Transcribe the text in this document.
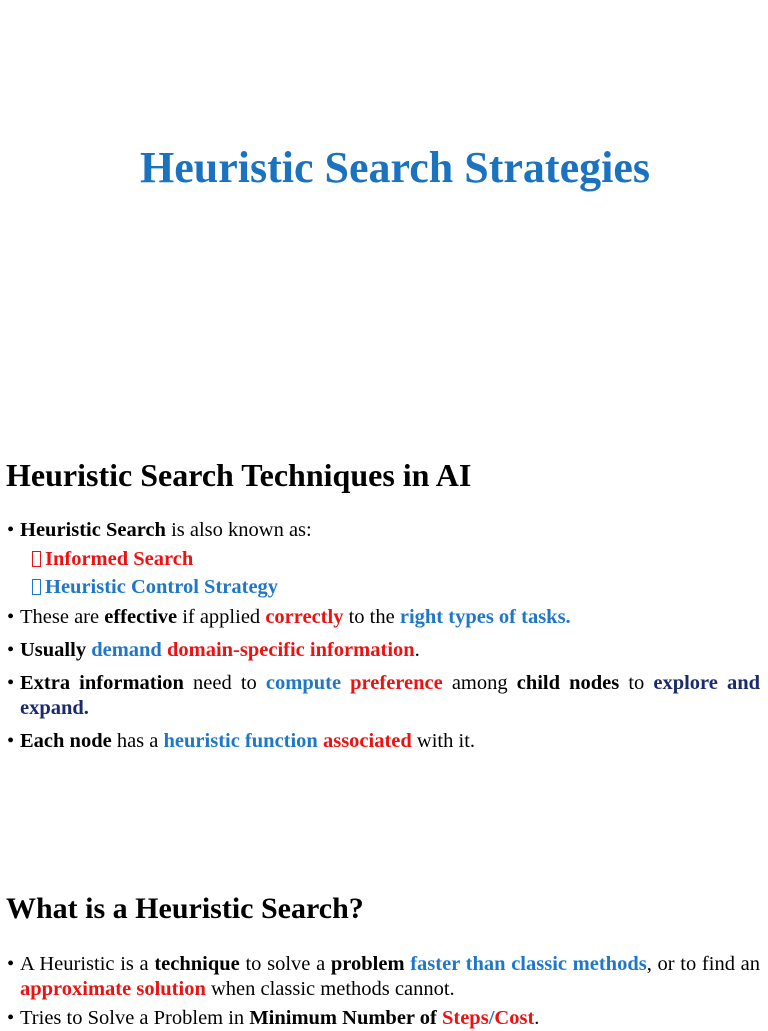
Heuristic Search Strategies
Heuristic Search Techniques in AI
• Heuristic Search is also known as:
Informed Search
Heuristic Control Strategy
• These are effective if applied correctly to the right types of tasks.
• Usually demand domain-specific information.
• Extra information need to compute preference among child nodes to explore and expand.
• Each node has a heuristic function associated with it.
What is a Heuristic Search?
• A Heuristic is a technique to solve a problem faster than classic methods, or to find an approximate solution when classic methods cannot.
• Tries to Solve a Problem in Minimum Number of Steps/Cost.
